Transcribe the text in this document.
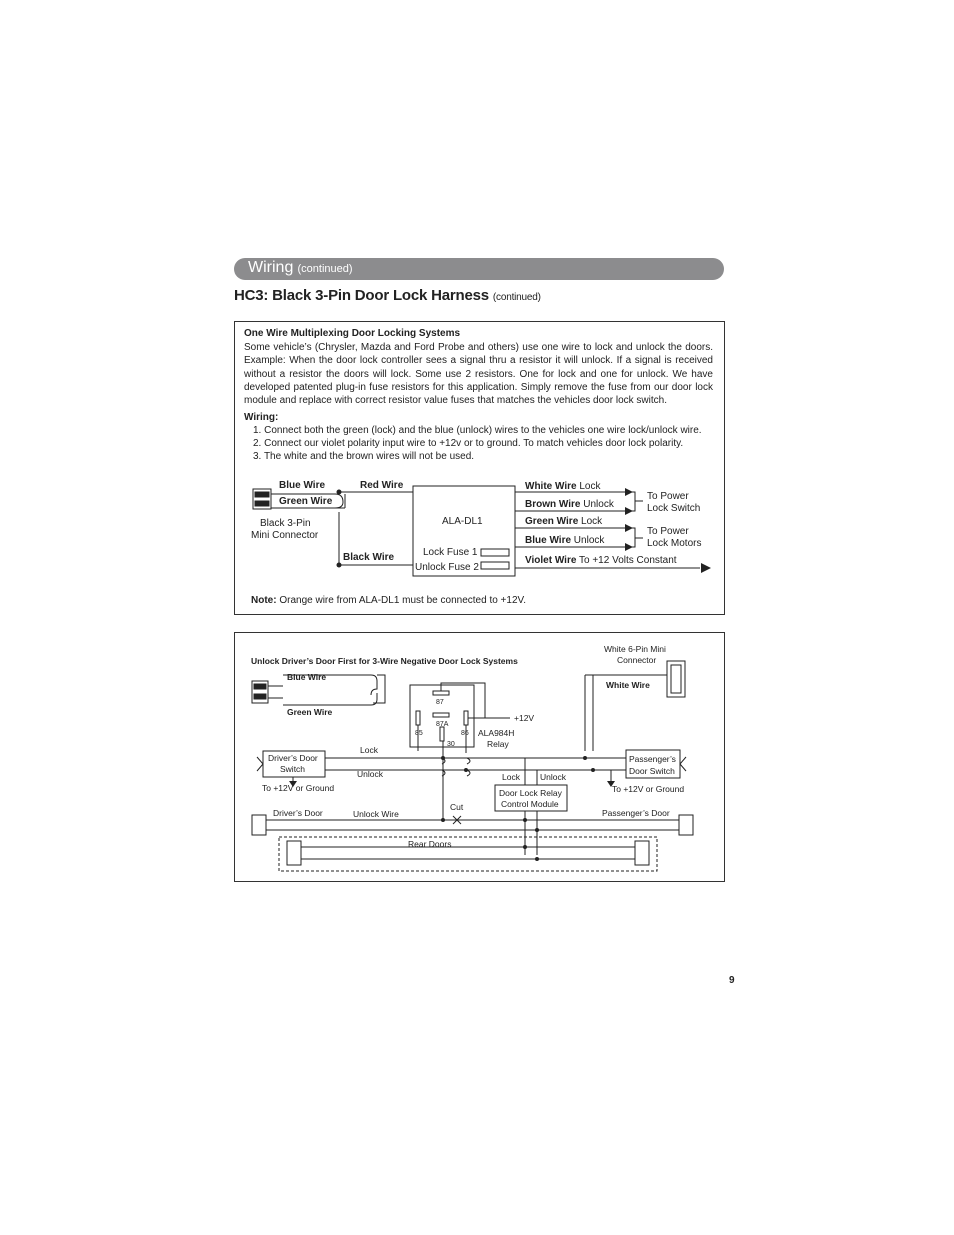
Wiring (continued)
HC3: Black 3-Pin Door Lock Harness (continued)
One Wire Multiplexing Door Locking Systems
Some vehicle’s (Chrysler, Mazda and Ford Probe and others) use one wire to lock and unlock the doors. Example: When the door lock controller sees a signal thru a resistor it will unlock. If a signal is received without a resistor the doors will lock. Some use 2 resistors. One for lock and one for unlock. We have developed patented plug-in fuse resistors for this application. Simply remove the fuse from our door lock module and replace with correct resistor value fuses that matches the vehicles door lock switch.
Wiring:
1. Connect both the green (lock) and the blue (unlock) wires to the vehicles one wire lock/unlock wire.
2. Connect our violet polarity input wire to +12v or to ground. To match vehicles door lock polarity.
3. The white and the brown wires will not be used.
Blue Wire
Green Wire
Red Wire
Black Wire
Black 3-Pin
Mini Connector
ALA-DL1
Lock Fuse 1
Unlock Fuse 2
White Wire Lock
Brown Wire Unlock
Green Wire Lock
Blue Wire Unlock
Violet Wire To +12 Volts Constant
To Power
Lock Switch
To Power
Lock Motors
Note: Orange wire from ALA-DL1 must be connected to +12V.
Unlock Driver’s Door First for 3-Wire Negative Door Lock Systems
White 6-Pin Mini
Connector
White Wire
Blue Wire
Green Wire
87
87A
85	86
30
+12V
ALA984H
Relay
Driver’s Door
Switch
Lock
Unlock
To +12V or Ground
Passenger’s
Door Switch
To +12V or Ground
Lock Unlock
Door Lock Relay
Control Module
Driver’s Door	Unlock Wire
Cut
Passenger’s Door
Rear Doors
9
